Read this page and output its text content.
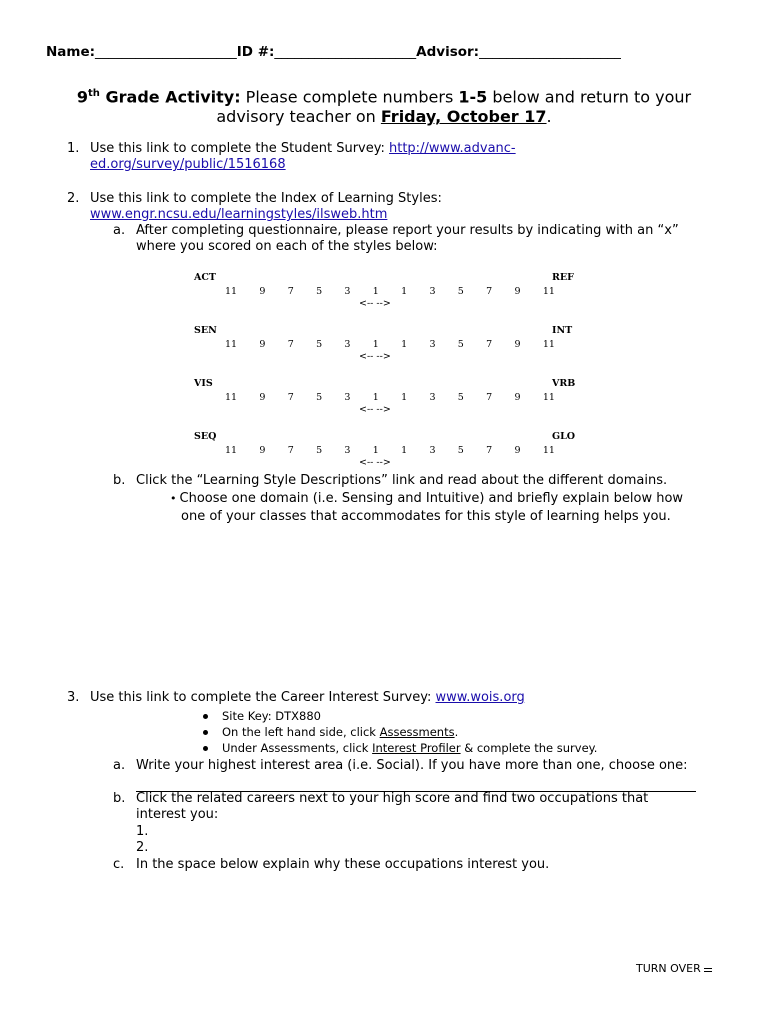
Name:_____________________ID #:_____________________Advisor:_____________________
9th Grade Activity: Please complete numbers 1-5 below and return to your
advisory teacher on Friday, October 17.
1. Use this link to complete the Student Survey: http://www.advanc-
ed.org/survey/public/1516168
2. Use this link to complete the Index of Learning Styles:
www.engr.ncsu.edu/learningstyles/ilsweb.htm
a. After completing questionnaire, please report your results by indicating with an “x”
where you scored on each of the styles below:
ACT	REF
11 9 7 5 3 1 1 3 5 7 9 11
<-- -->
SEN	INT
11 9 7 5 3 1 1 3 5 7 9 11
<-- -->
VIS	VRB
11 9 7 5 3 1 1 3 5 7 9 11
<-- -->
SEQ	GLO
11 9 7 5 3 1 1 3 5 7 9 11
<-- -->
b. Click the “Learning Style Descriptions” link and read about the different domains.
• Choose one domain (i.e. Sensing and Intuitive) and briefly explain below how
one of your classes that accommodates for this style of learning helps you.
3. Use this link to complete the Career Interest Survey: www.wois.org
Site Key: DTX880
On the left hand side, click Assessments.
Under Assessments, click Interest Profiler & complete the survey.
a. Write your highest interest area (i.e. Social). If you have more than one, choose one:
b. Click the related careers next to your high score and find two occupations that
interest you:
1.
2.
c. In the space below explain why these occupations interest you.
TURN OVER
